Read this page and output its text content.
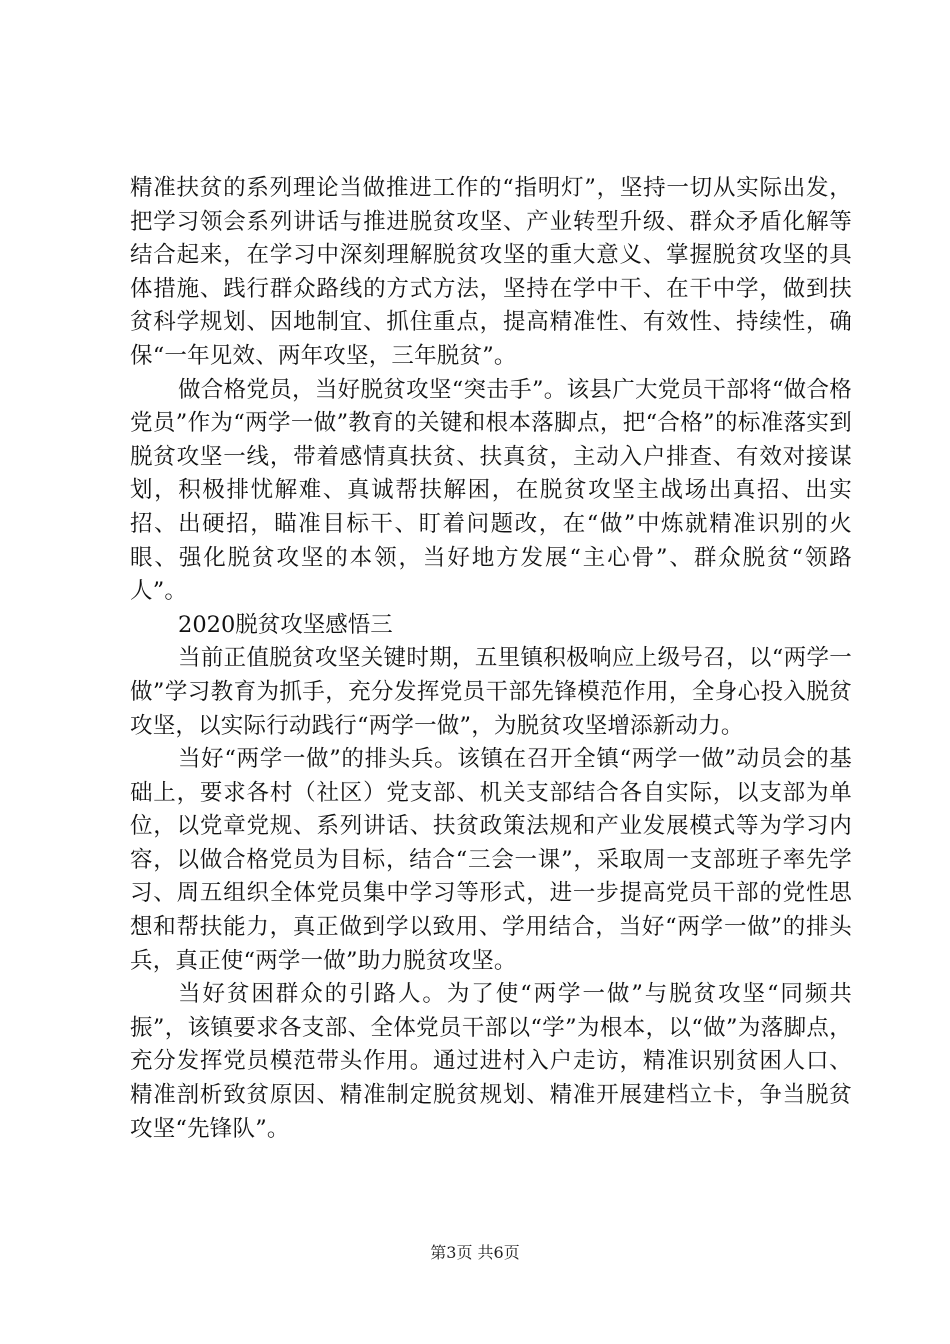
精准扶贫的系列理论当做推进工作的“指明灯”，坚持一切从实际出发，把学习领会系列讲话与推进脱贫攻坚、产业转型升级、群众矛盾化解等结合起来，在学习中深刻理解脱贫攻坚的重大意义、掌握脱贫攻坚的具体措施、践行群众路线的方式方法，坚持在学中干、在干中学，做到扶贫科学规划、因地制宜、抓住重点，提高精准性、有效性、持续性，确保“一年见效、两年攻坚，三年脱贫”。

做合格党员，当好脱贫攻坚“突击手”。该县广大党员干部将“做合格党员”作为“两学一做”教育的关键和根本落脚点，把“合格”的标准落实到脱贫攻坚一线，带着感情真扶贫、扶真贫，主动入户排查、有效对接谋划，积极排忧解难、真诚帮扶解困，在脱贫攻坚主战场出真招、出实招、出硬招，瞄准目标干、盯着问题改，在“做”中炼就精准识别的火眼、强化脱贫攻坚的本领，当好地方发展“主心骨”、群众脱贫“领路人”。

2020脱贫攻坚感悟三

当前正值脱贫攻坚关键时期，五里镇积极响应上级号召，以“两学一做”学习教育为抓手，充分发挥党员干部先锋模范作用，全身心投入脱贫攻坚，以实际行动践行“两学一做”，为脱贫攻坚增添新动力。

当好“两学一做”的排头兵。该镇在召开全镇“两学一做”动员会的基础上，要求各村（社区）党支部、机关支部结合各自实际，以支部为单位，以党章党规、系列讲话、扶贫政策法规和产业发展模式等为学习内容，以做合格党员为目标，结合“三会一课”，采取周一支部班子率先学习、周五组织全体党员集中学习等形式，进一步提高党员干部的党性思想和帮扶能力，真正做到学以致用、学用结合，当好“两学一做”的排头兵，真正使“两学一做”助力脱贫攻坚。

当好贫困群众的引路人。为了使“两学一做”与脱贫攻坚“同频共振”，该镇要求各支部、全体党员干部以“学”为根本，以“做”为落脚点，充分发挥党员模范带头作用。通过进村入户走访，精准识别贫困人口、精准剖析致贫原因、精准制定脱贫规划、精准开展建档立卡，争当脱贫攻坚“先锋队”。

第3页 共6页
